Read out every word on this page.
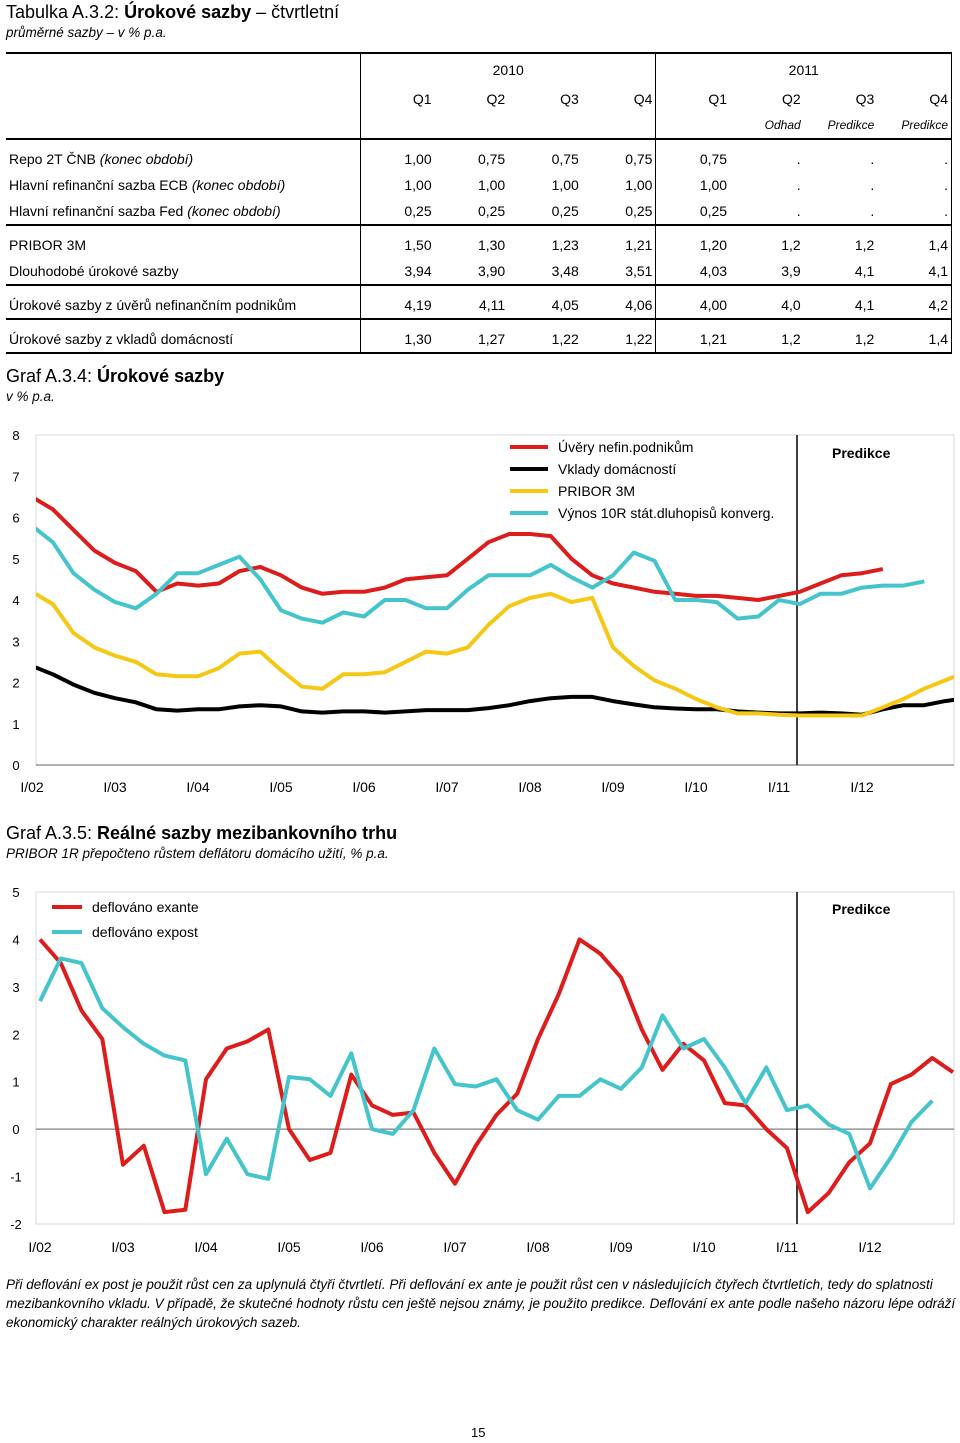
Tabulka A.3.2: Úrokové sazby – čtvrtletní
průměrné sazby – v % p.a.
	2010				2011			
	Q1	Q2	Q3	Q4	Q1	Q2	Q3	Q4
						Odhad	Predikce	Predikce

Repo 2T ČNB (konec období)	1,00	0,75	0,75	0,75	0,75	.	.	.
Hlavní refinanční sazba ECB (konec období)	1,00	1,00	1,00	1,00	1,00	.	.	.
Hlavní refinanční sazba Fed (konec období)	0,25	0,25	0,25	0,25	0,25	.	.	.

PRIBOR 3M	1,50	1,30	1,23	1,21	1,20	1,2	1,2	1,4
Dlouhodobé úrokové sazby	3,94	3,90	3,48	3,51	4,03	3,9	4,1	4,1

Úrokové sazby z úvěrů nefinančním podnikům	4,19	4,11	4,05	4,06	4,00	4,0	4,1	4,2

Úrokové sazby z vkladů domácností	1,30	1,27	1,22	1,22	1,21	1,2	1,2	1,4
Graf A.3.4: Úrokové sazby
v % p.a.
0
1
2
3
4
5
6
7
8
I/02	I/03	I/04	I/05	I/06	I/07	I/08	I/09	I/10	I/11	I/12
Predikce
Úvěry nefin.podnikům
Vklady domácností
PRIBOR 3M
Výnos 10R stát.dluhopisů konverg.
Graf A.3.5: Reálné sazby mezibankovního trhu
PRIBOR 1R přepočteno růstem deflátoru domácího užití, % p.a.
-2
-1
0
1
2
3
4
5
I/02	I/03	I/04	I/05	I/06	I/07	I/08	I/09	I/10	I/11	I/12
Predikce
deflováno exante
deflováno expost
Při deflování ex post je použit růst cen za uplynulá čtyři čtvrtletí. Při deflování ex ante je použit růst cen v následujících čtyřech čtvrtletích, tedy do splatnosti mezibankovního vkladu. V případě, že skutečné hodnoty růstu cen ještě nejsou známy, je použito predikce. Deflování ex ante podle našeho názoru lépe odráží ekonomický charakter reálných úrokových sazeb.
15
